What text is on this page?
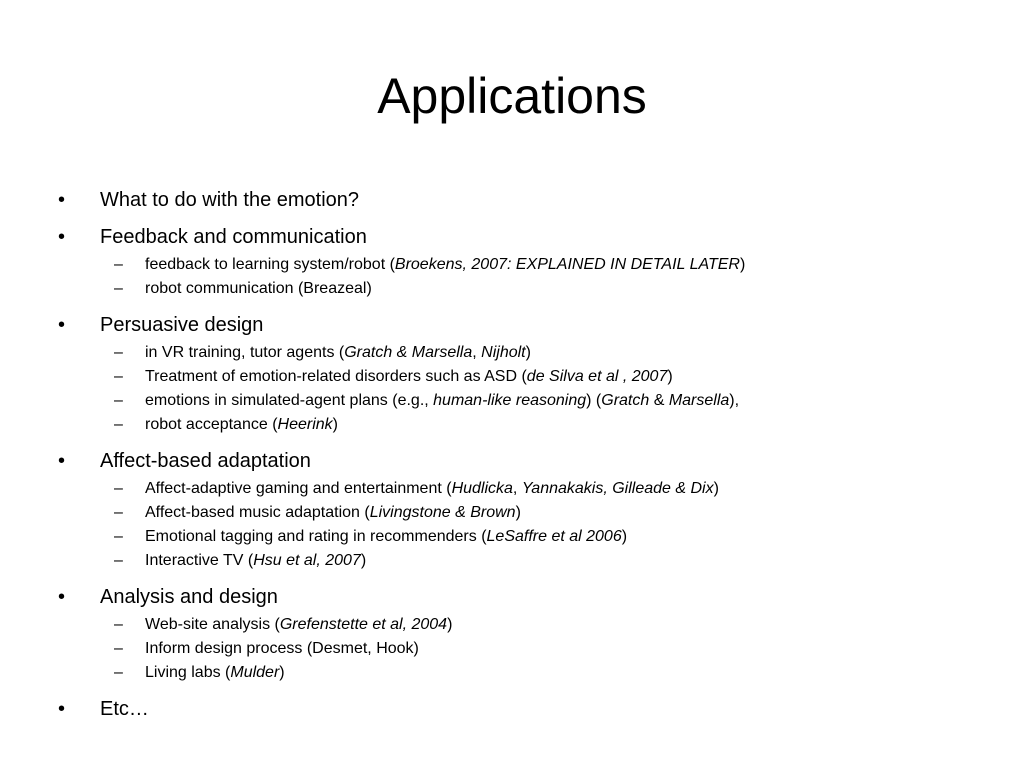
Applications
•	What to do with the emotion?
•	Feedback and communication
– feedback to learning system/robot (Broekens, 2007: EXPLAINED IN DETAIL LATER)
– robot communication (Breazeal)
•	Persuasive design
– in VR training, tutor agents (Gratch & Marsella, Nijholt)
– Treatment of emotion-related disorders such as ASD (de Silva et al , 2007)
– emotions in simulated-agent plans (e.g., human-like reasoning) (Gratch & Marsella),
– robot acceptance (Heerink)
•	Affect-based adaptation
– Affect-adaptive gaming and entertainment (Hudlicka, Yannakakis, Gilleade & Dix)
– Affect-based music adaptation (Livingstone & Brown)
– Emotional tagging and rating in recommenders (LeSaffre et al 2006)
– Interactive TV (Hsu et al, 2007)
•	Analysis and design
– Web-site analysis (Grefenstette et al, 2004)
– Inform design process (Desmet, Hook)
– Living labs (Mulder)
•	Etc…
